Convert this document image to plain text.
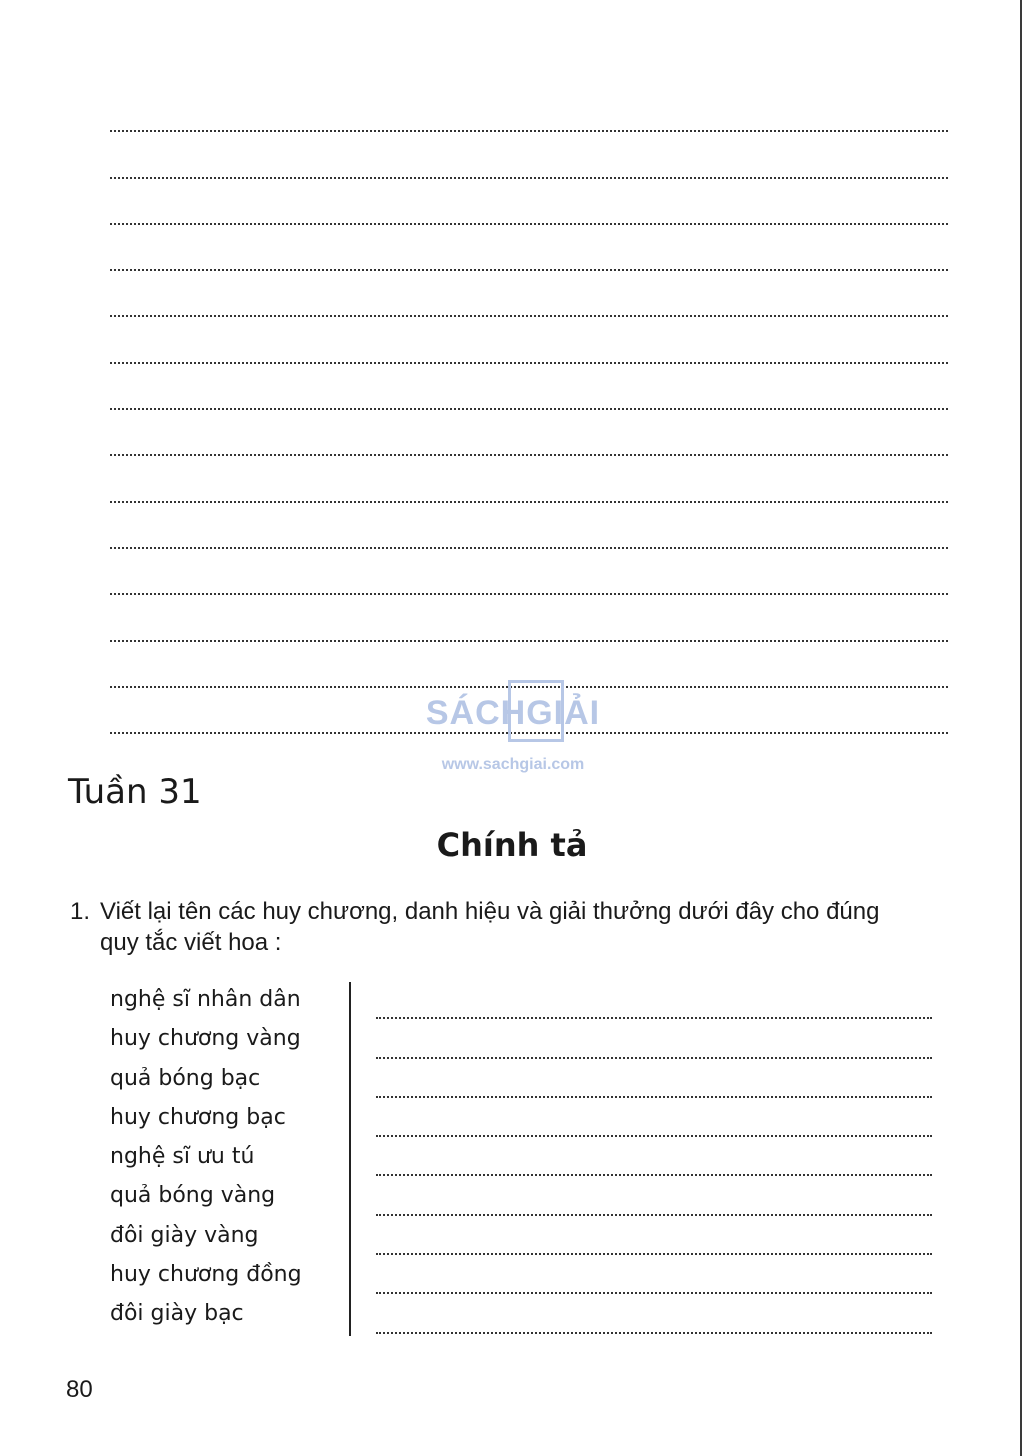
SÁCHGIẢI
www.sachgiai.com
Tuần 31
Chính tả
1. Viết lại tên các huy chương, danh hiệu và giải thưởng dưới đây cho đúng
quy tắc viết hoa :
nghệ sĩ nhân dân
huy chương vàng
quả bóng bạc
huy chương bạc
nghệ sĩ ưu tú
quả bóng vàng
đôi giày vàng
huy chương đồng
đôi giày bạc
80
